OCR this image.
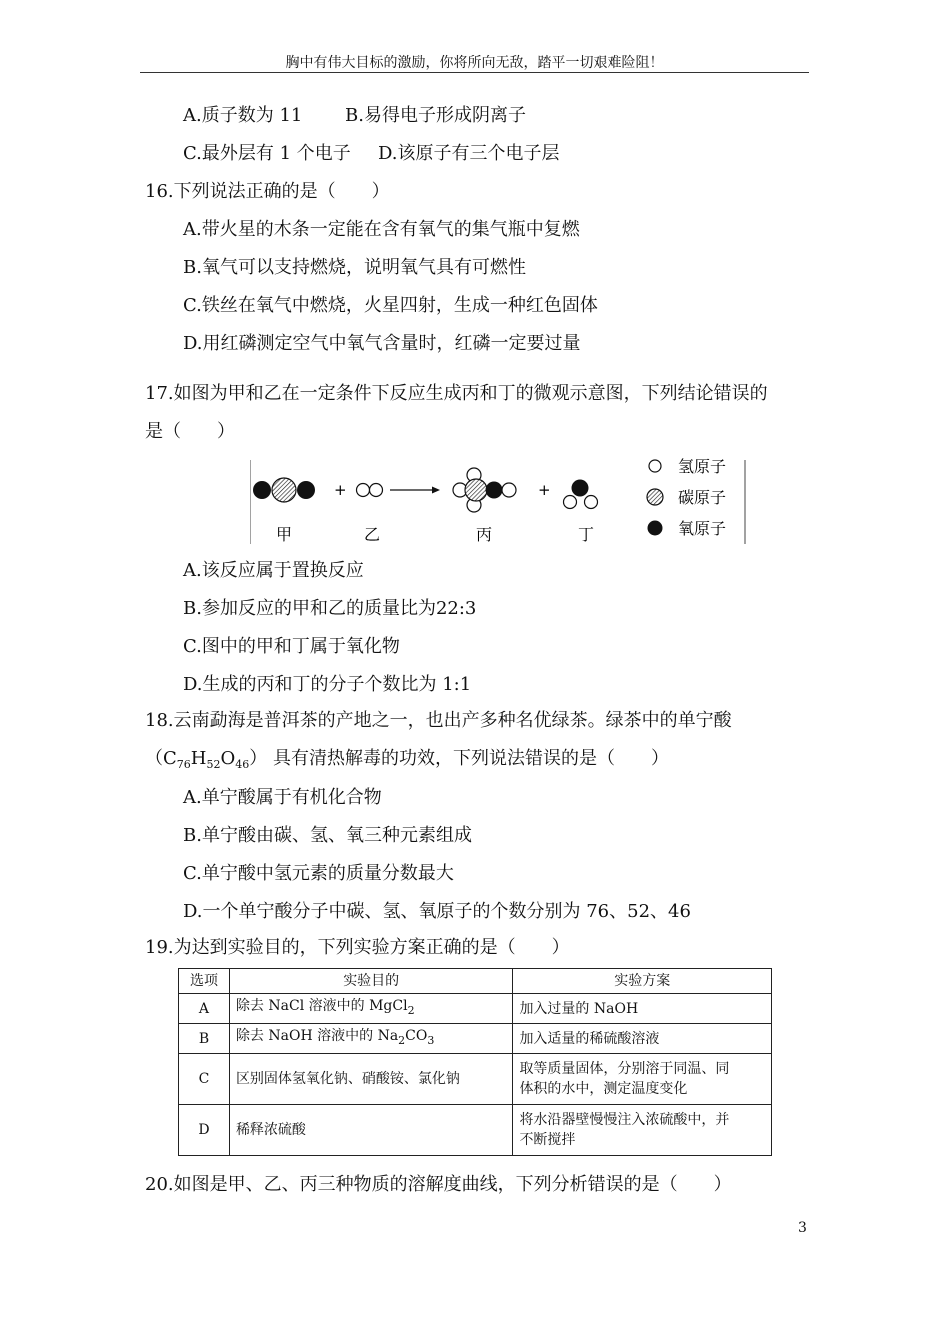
胸中有伟大目标的激励，你将所向无敌，踏平一切艰难险阻！
A.质子数为 11 B.易得电子形成阴离子
C.最外层有 1 个电子 D.该原子有三个电子层
16.下列说法正确的是（　　）
A.带火星的木条一定能在含有氧气的集气瓶中复燃
B.氧气可以支持燃烧，说明氧气具有可燃性
C.铁丝在氧气中燃烧，火星四射，生成一种红色固体
D.用红磷测定空气中氧气含量时，红磷一定要过量
17.如图为甲和乙在一定条件下反应生成丙和丁的微观示意图，下列结论错误的
是（　　）
+	+
甲	乙	丙	丁
氢原子
碳原子
氧原子
A.该反应属于置换反应
B.参加反应的甲和乙的质量比为22:3
C.图中的甲和丁属于氧化物
D.生成的丙和丁的分子个数比为 1:1
18.云南勐海是普洱茶的产地之一，也出产多种名优绿茶。绿茶中的单宁酸
$(C_{76}H_{52}O_{46})$ 具有清热解毒的功效，下列说法错误的是（　　）
A.单宁酸属于有机化合物
B.单宁酸由碳、氢、氧三种元素组成
C.单宁酸中氢元素的质量分数最大
D.一个单宁酸分子中碳、氢、氧原子的个数分别为 76、52、46
19.为达到实验目的，下列实验方案正确的是（　　）
选项	实验目的	实验方案
A	除去 NaCl 溶液中的 MgCl$_2$	加入过量的 NaOH
B	除去 NaOH 溶液中的 $Na_2CO_3$	加入适量的稀硫酸溶液
C	区别固体氢氧化钠、硝酸铵、氯化钠	取等质量固体，分别溶于同温、同
体积的水中，测定温度变化

D	稀释浓硫酸	将水沿器壁慢慢注入浓硫酸中，并
不断搅拌
20.如图是甲、乙、丙三种物质的溶解度曲线，下列分析错误的是（　　）
3
